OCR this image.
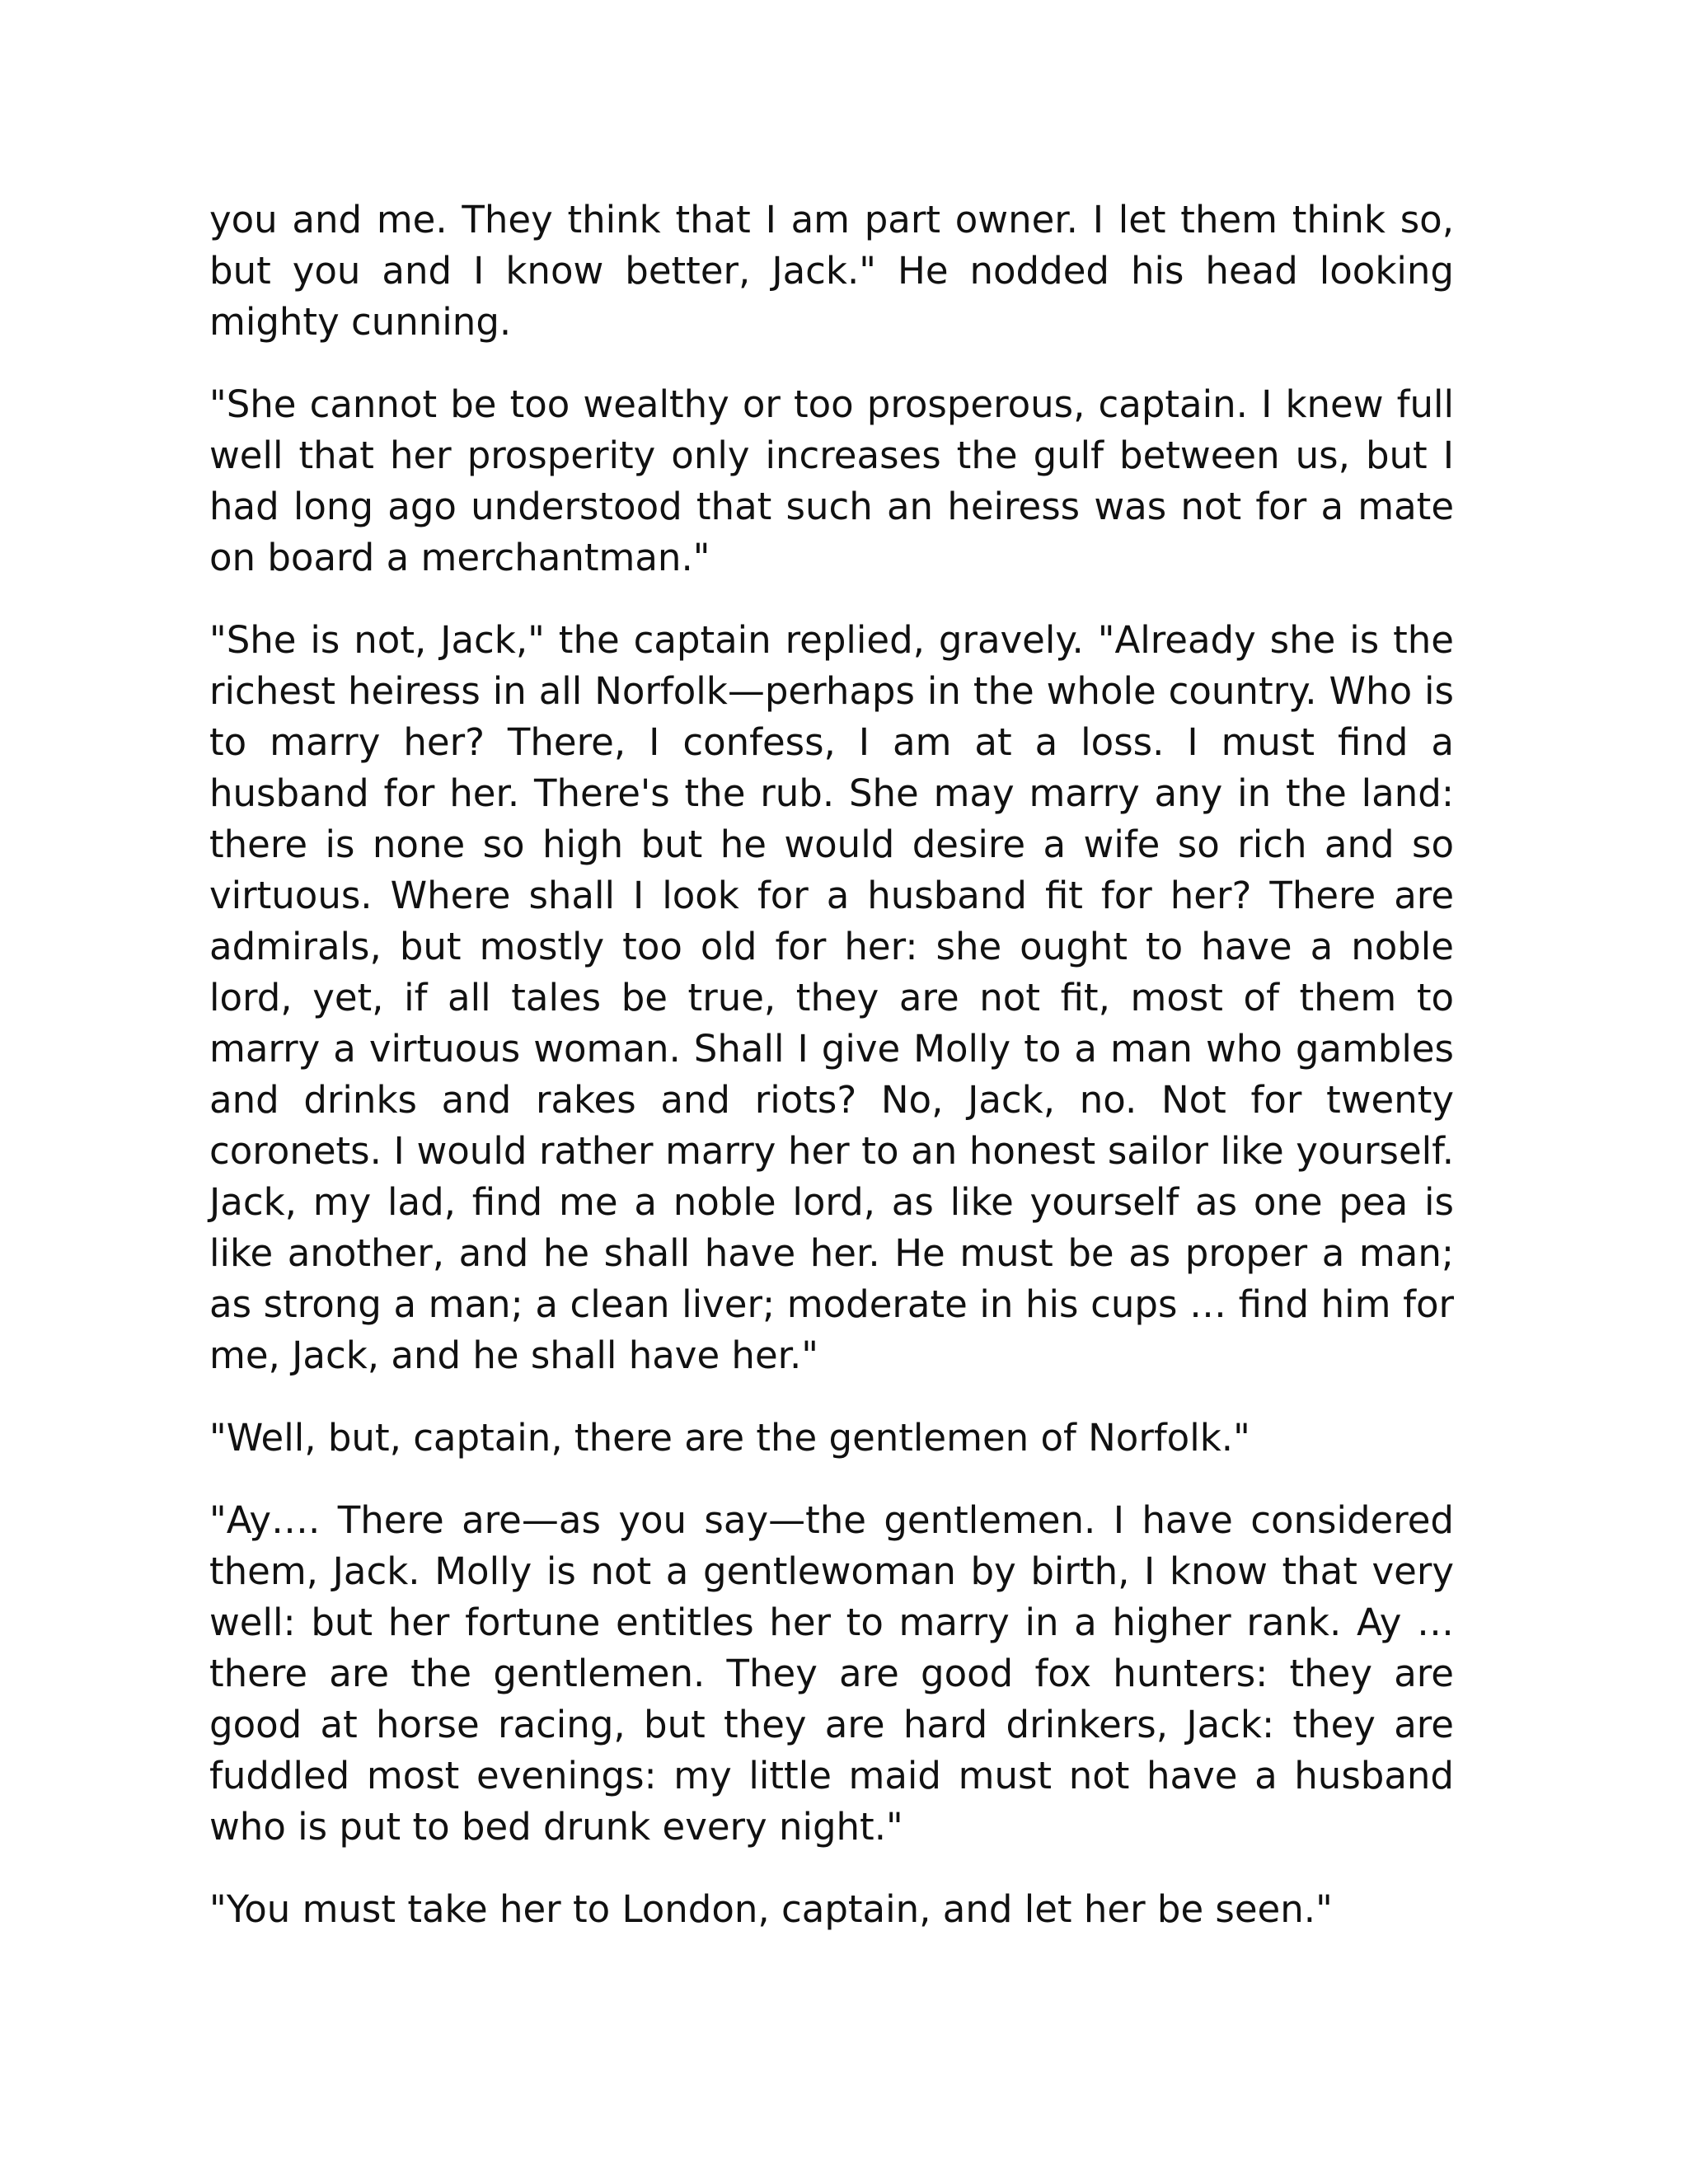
you and me. They think that I am part owner. I let them think so, but you and I know better, Jack." He nodded his head looking mighty cunning.

"She cannot be too wealthy or too prosperous, captain. I knew full well that her prosperity only increases the gulf between us, but I had long ago understood that such an heiress was not for a mate on board a merchantman."

"She is not, Jack," the captain replied, gravely. "Already she is the richest heiress in all Norfolk—perhaps in the whole country. Who is to marry her? There, I confess, I am at a loss. I must find a husband for her. There's the rub. She may marry any in the land: there is none so high but he would desire a wife so rich and so virtuous. Where shall I look for a husband fit for her? There are admirals, but mostly too old for her: she ought to have a noble lord, yet, if all tales be true, they are not fit, most of them to marry a virtuous woman. Shall I give Molly to a man who gambles and drinks and rakes and riots? No, Jack, no. Not for twenty coronets. I would rather marry her to an honest sailor like yourself. Jack, my lad, find me a noble lord, as like yourself as one pea is like another, and he shall have her. He must be as proper a man; as strong a man; a clean liver; moderate in his cups … find him for me, Jack, and he shall have her."

"Well, but, captain, there are the gentlemen of Norfolk."

"Ay…. There are—as you say—the gentlemen. I have considered them, Jack. Molly is not a gentlewoman by birth, I know that very well: but her fortune entitles her to marry in a higher rank. Ay … there are the gentlemen. They are good fox hunters: they are good at horse racing, but they are hard drinkers, Jack: they are fuddled most evenings: my little maid must not have a husband who is put to bed drunk every night."

"You must take her to London, captain, and let her be seen."
